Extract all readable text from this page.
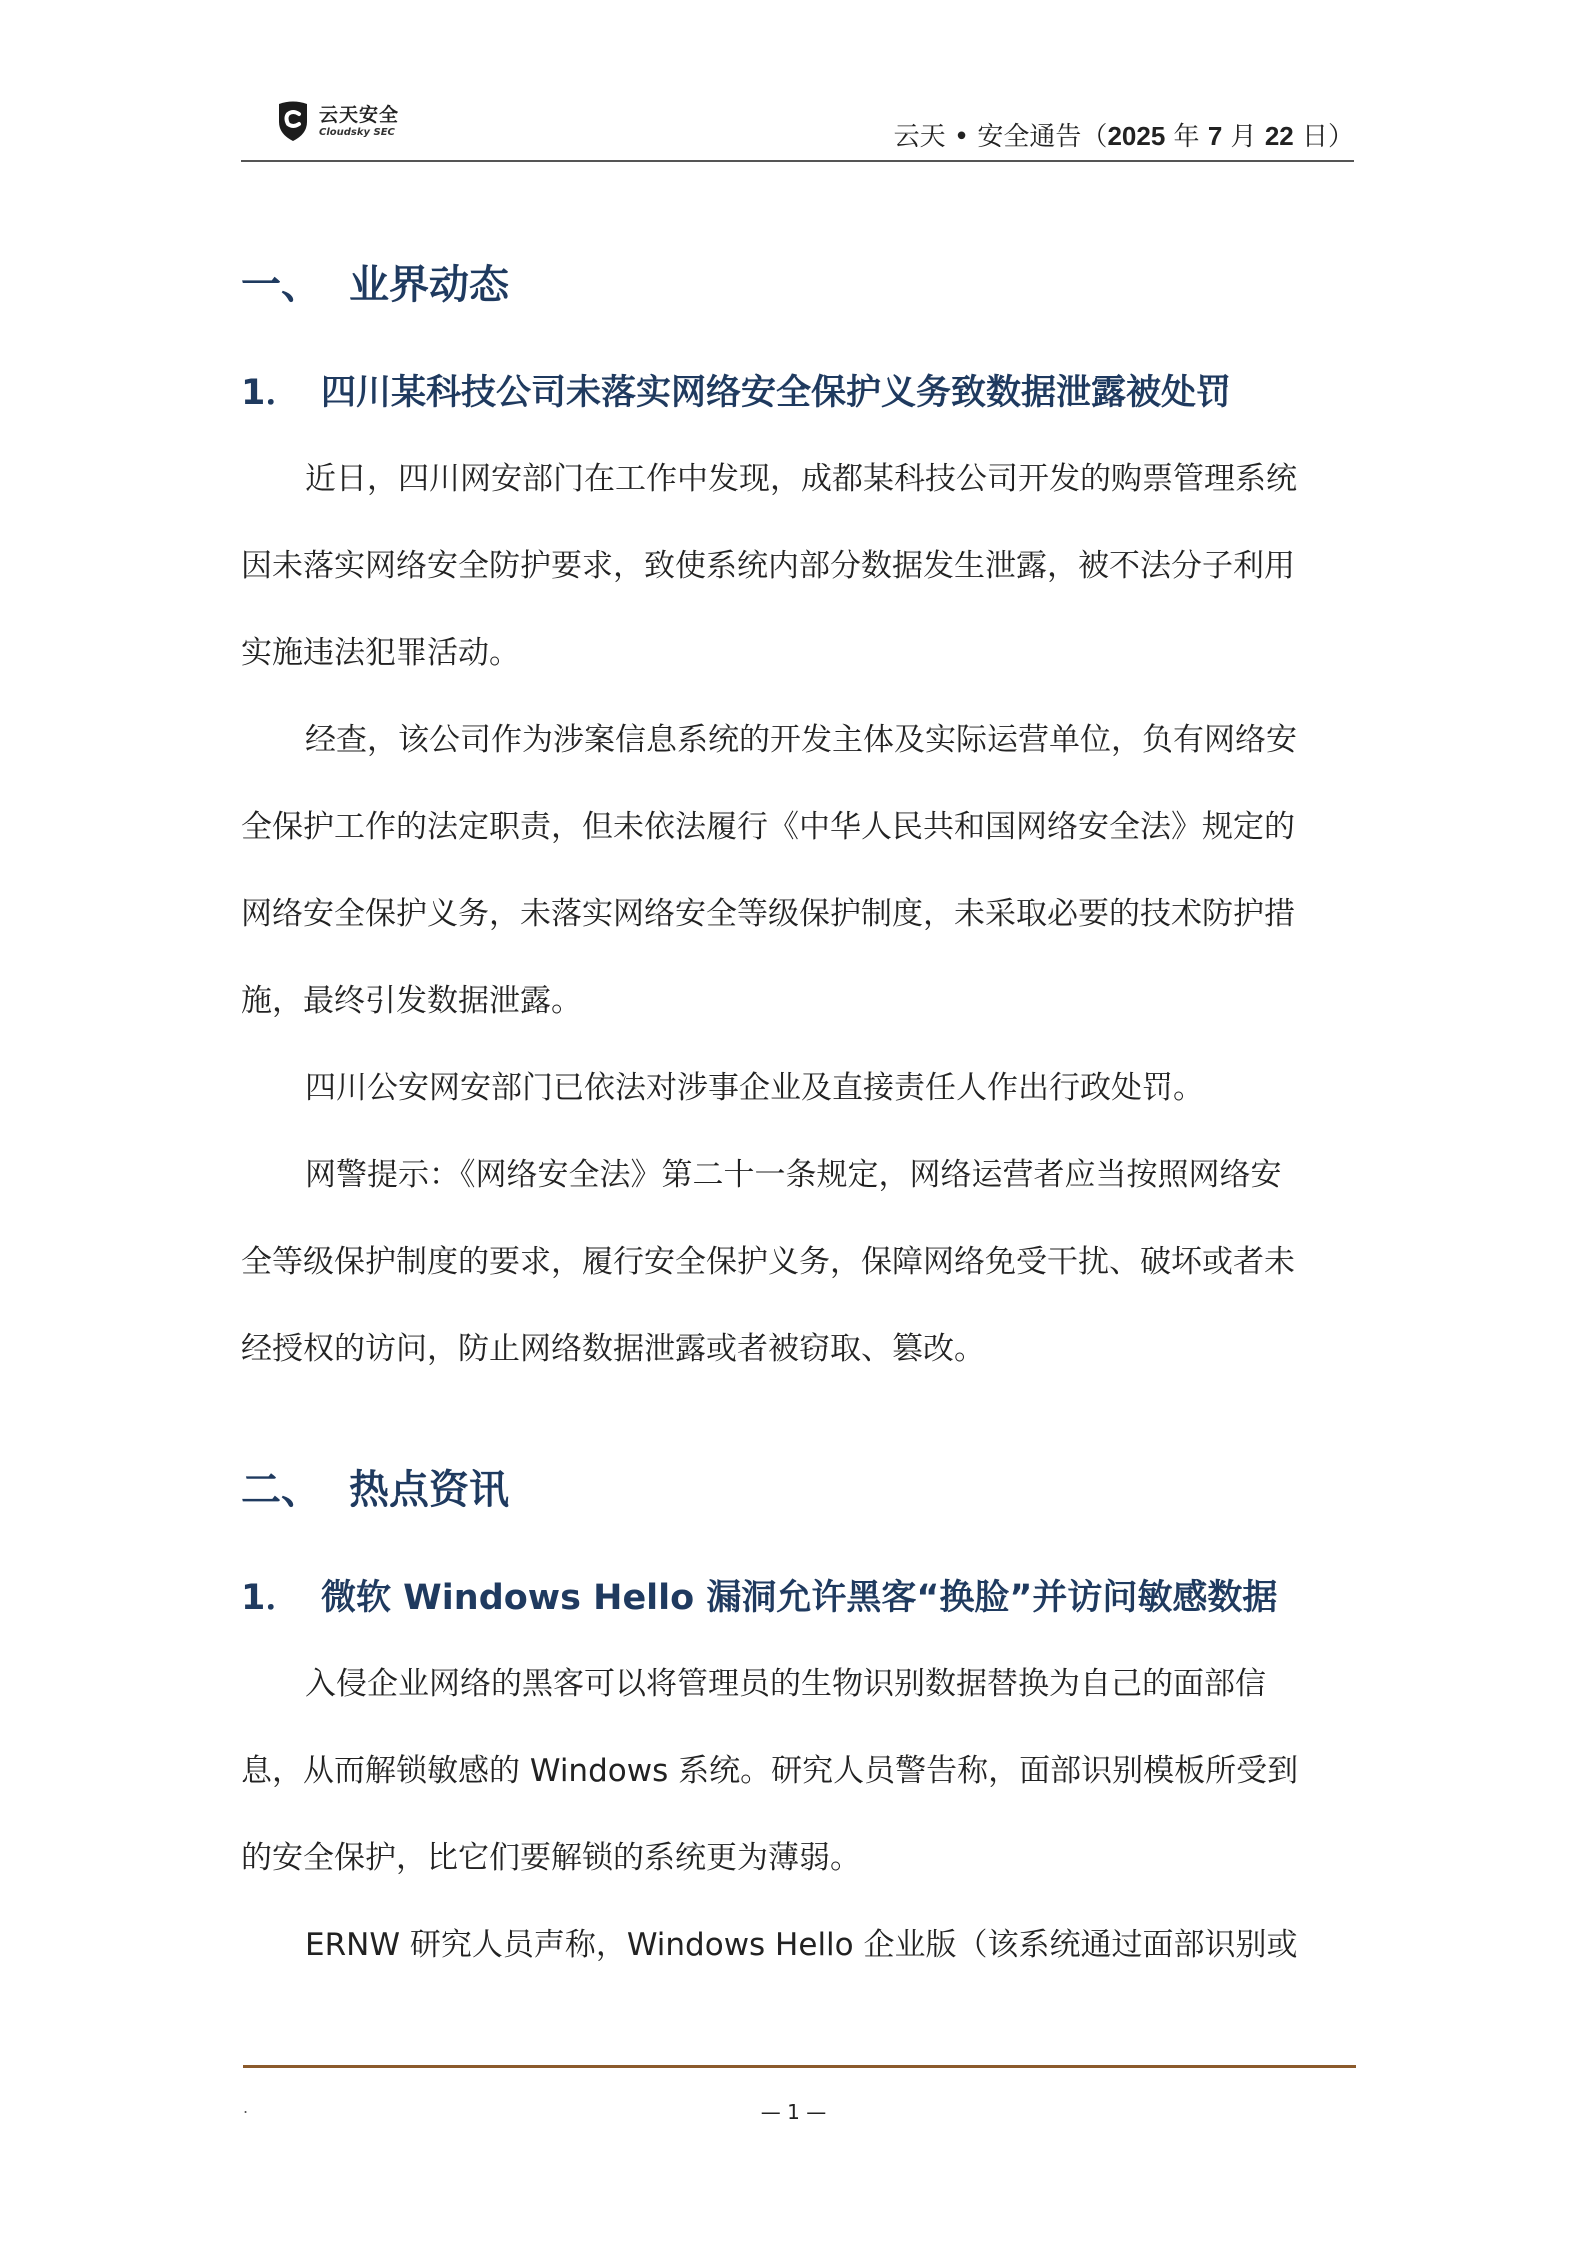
云天安全
Cloudsky SEC	云天 • 安全通告（2025 年 7 月 22 日）
一、 业界动态
1． 四川某科技公司未落实网络安全保护义务致数据泄露被处罚
近日，四川网安部门在工作中发现，成都某科技公司开发的购票管理系统
因未落实网络安全防护要求，致使系统内部分数据发生泄露，被不法分子利用
实施违法犯罪活动。
经查，该公司作为涉案信息系统的开发主体及实际运营单位，负有网络安
全保护工作的法定职责，但未依法履行《中华人民共和国网络安全法》规定的
网络安全保护义务，未落实网络安全等级保护制度，未采取必要的技术防护措
施，最终引发数据泄露。
四川公安网安部门已依法对涉事企业及直接责任人作出行政处罚。
网警提示：《网络安全法》第二十一条规定，网络运营者应当按照网络安
全等级保护制度的要求，履行安全保护义务，保障网络免受干扰、破坏或者未
经授权的访问，防止网络数据泄露或者被窃取、篡改。
二、 热点资讯
1． 微软 Windows Hello 漏洞允许黑客“换脸”并访问敏感数据
入侵企业网络的黑客可以将管理员的生物识别数据替换为自己的面部信
息，从而解锁敏感的 Windows 系统。研究人员警告称，面部识别模板所受到
的安全保护，比它们要解锁的系统更为薄弱。
ERNW 研究人员声称，Windows Hello 企业版（该系统通过面部识别或
.	— 1 —
